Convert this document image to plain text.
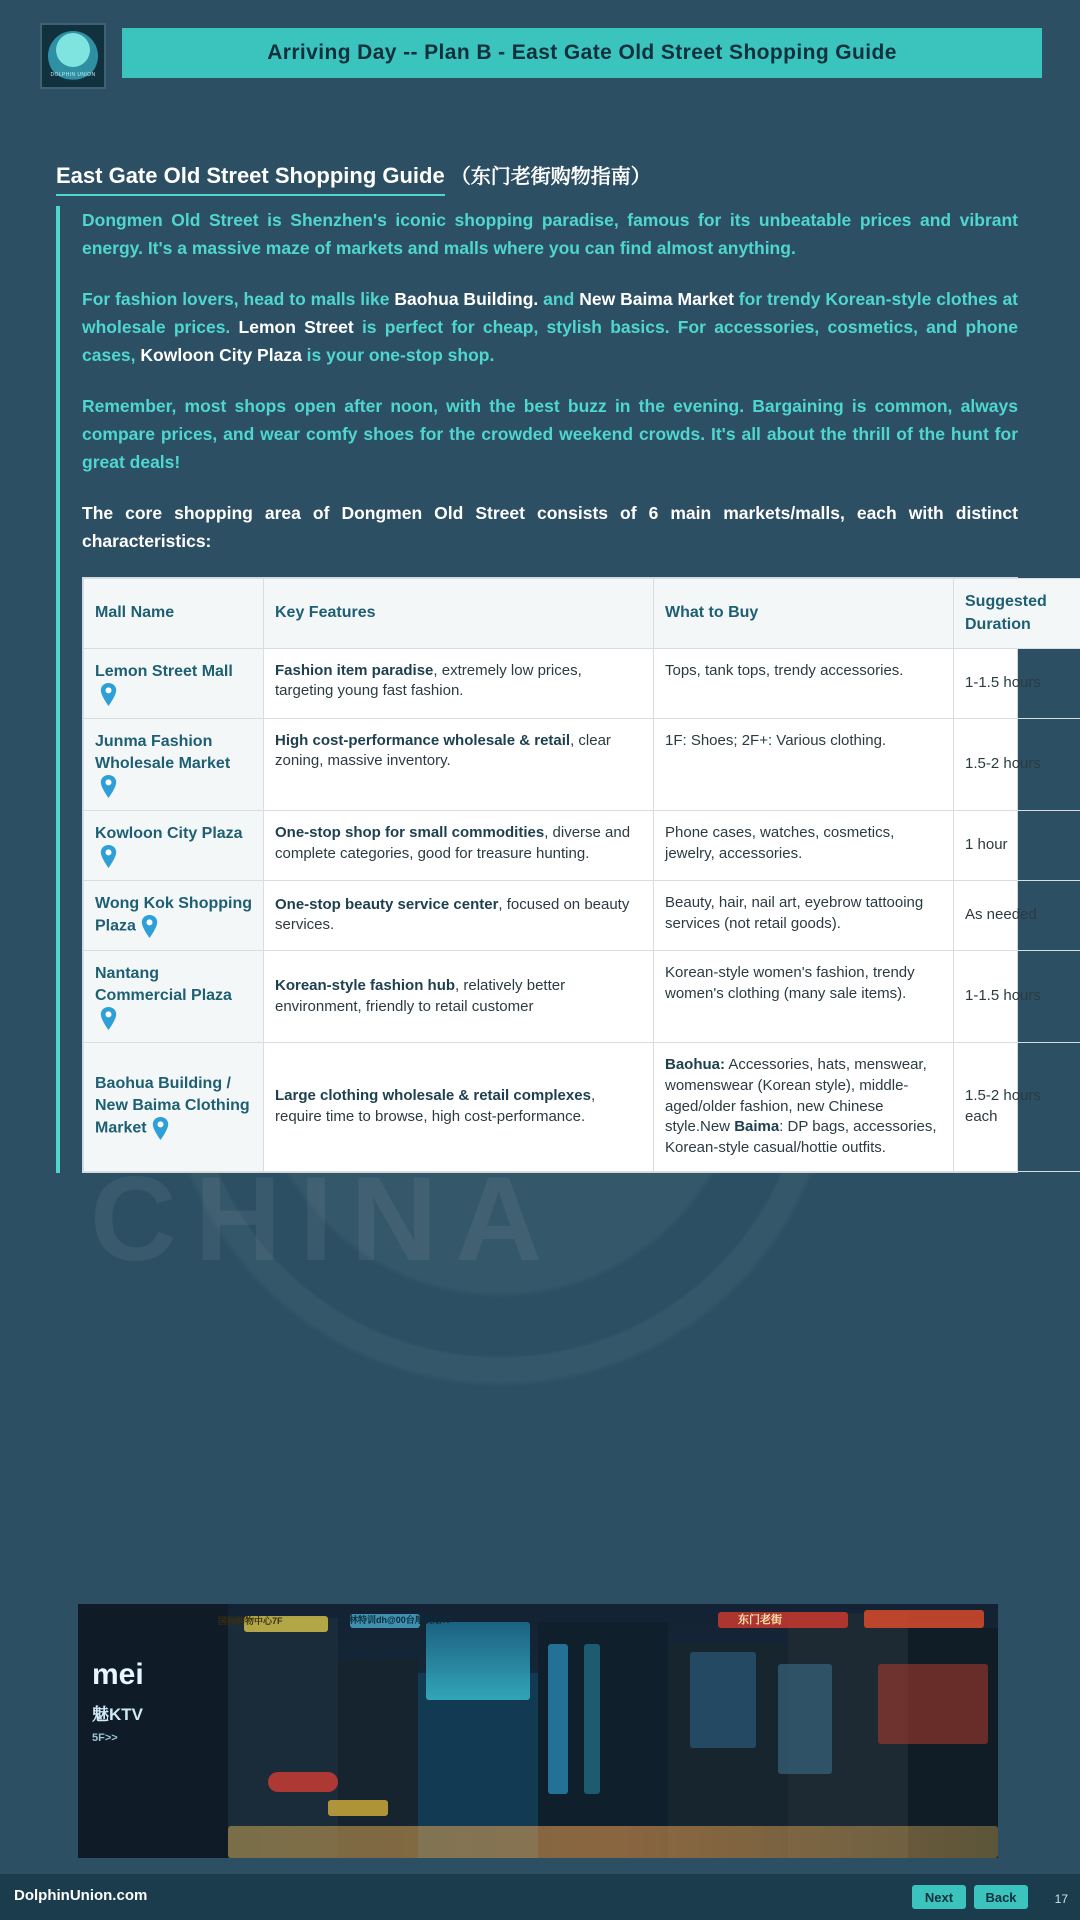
DOLPHIN UNION
Arriving Day -- Plan B - East Gate Old Street Shopping Guide
East Gate Old Street Shopping Guide （东门老街购物指南）

Dongmen Old Street is Shenzhen's iconic shopping paradise, famous for its unbeatable prices and vibrant energy. It's a massive maze of markets and malls where you can find almost anything.

For fashion lovers, head to malls like Baohua Building. and New Baima Market for trendy Korean-style clothes at wholesale prices. Lemon Street is perfect for cheap, stylish basics. For accessories, cosmetics, and phone cases, Kowloon City Plaza is your one-stop shop.

Remember, most shops open after noon, with the best buzz in the evening. Bargaining is common, always compare prices, and wear comfy shoes for the crowded weekend crowds. It's all about the thrill of the hunt for great deals!

The core shopping area of Dongmen Old Street consists of 6 main markets/malls, each with distinct characteristics:

Mall Name	Key Features	What to Buy	Suggested Duration
Lemon Street Mall	Fashion item paradise, extremely low prices, targeting young fast fashion.	Tops, tank tops, trendy accessories.	1-1.5 hours
Junma Fashion Wholesale Market	High cost-performance wholesale & retail, clear zoning, massive inventory.	1F: Shoes; 2F+: Various clothing.	1.5-2 hours
Kowloon City Plaza	One-stop shop for small commodities, diverse and complete categories, good for treasure hunting.	Phone cases, watches, cosmetics, jewelry, accessories.	1 hour
Wong Kok Shopping Plaza	One-stop beauty service center, focused on beauty services.	Beauty, hair, nail art, eyebrow tattooing services (not retail goods).	As needed
Nantang Commercial Plaza	Korean-style fashion hub, relatively better environment, friendly to retail customer	Korean-style women's fashion, trendy women's clothing (many sale items).	1-1.5 hours
Baohua Building / New Baima Clothing Market	Large clothing wholesale & retail complexes, require time to browse, high cost-performance.	Baohua: Accessories, hats, menswear, womenswear (Korean style), middle-aged/older fashion, new Chinese style.New Baima: DP bags, accessories, Korean-style casual/hottie outfits.	1.5-2 hours each
CHINA
mei
魅KTV
5F>>
国际购物中心7F	少林特训dh@00台厚规划7F	东门老街
DolphinUnion.com	Next	Back	17
